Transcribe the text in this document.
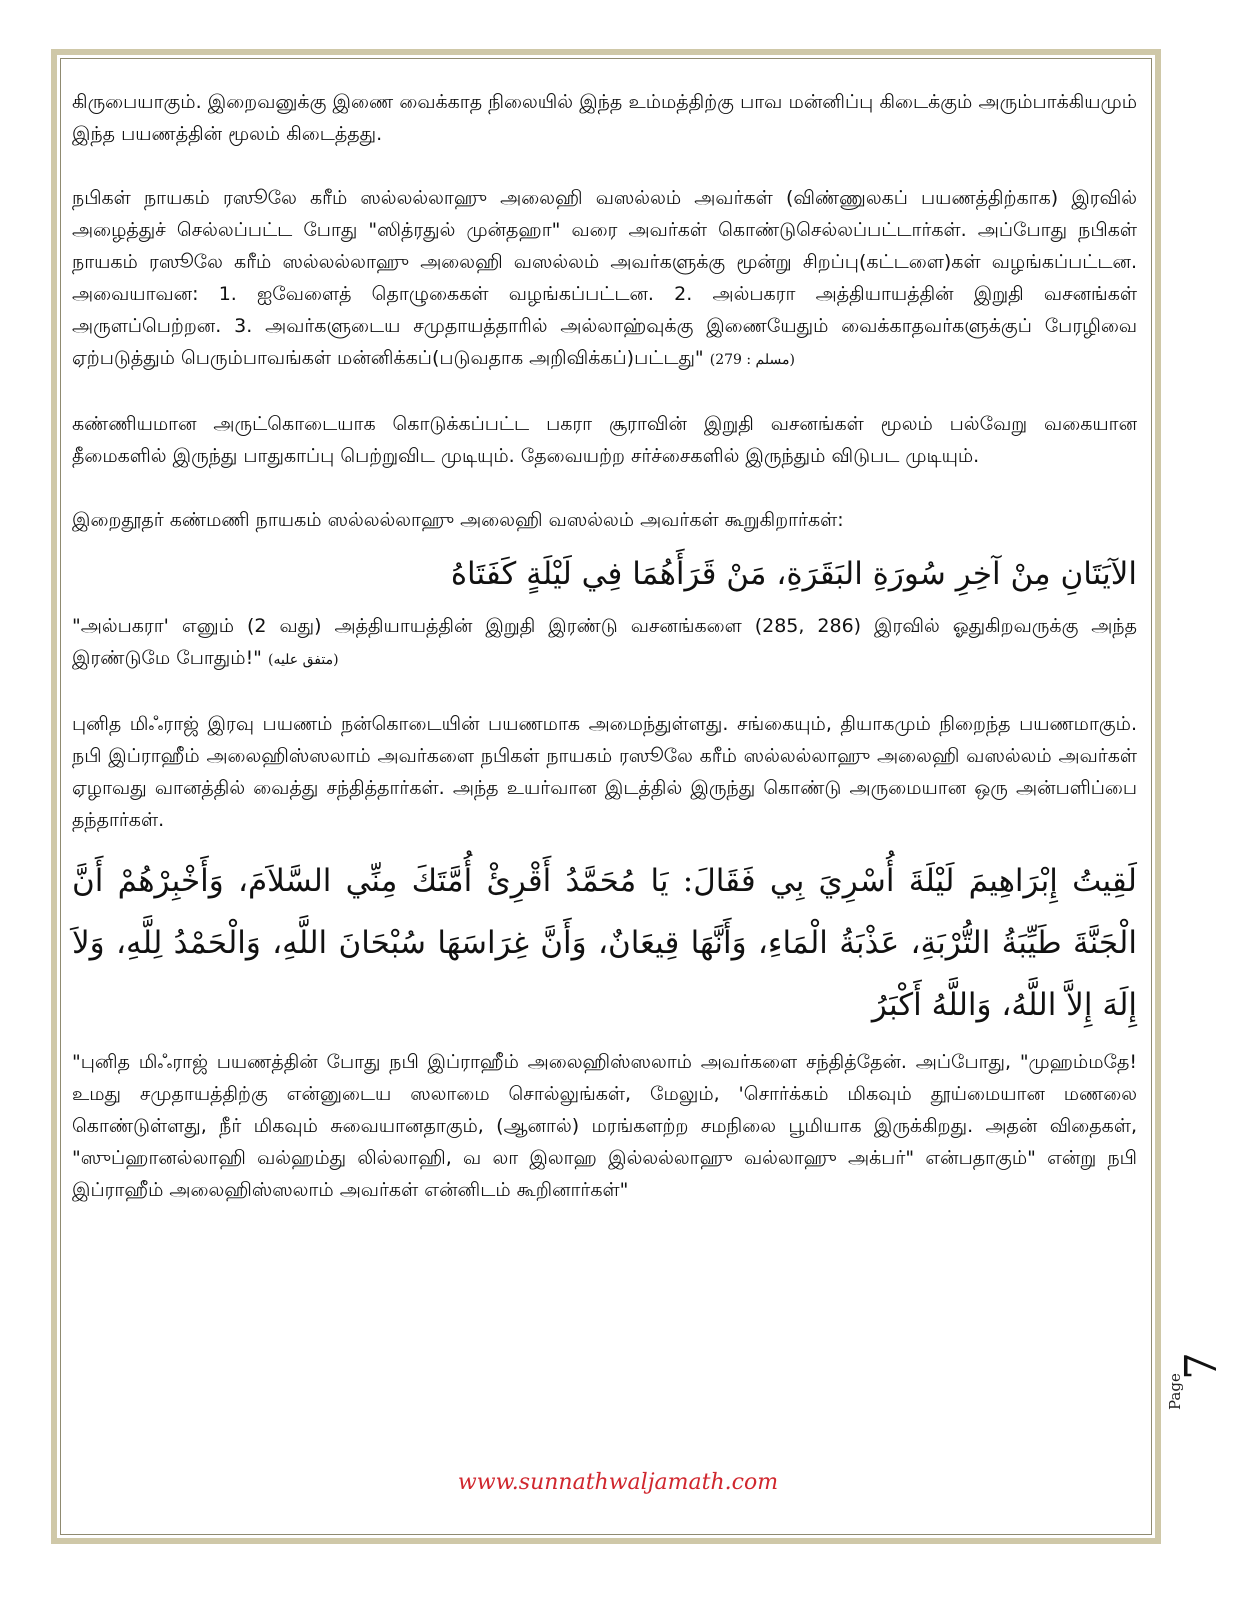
கிருபையாகும். இறைவனுக்கு இணை வைக்காத நிலையில் இந்த உம்மத்திற்கு பாவ மன்னிப்பு கிடைக்கும் அரும்பாக்கியமும் இந்த பயணத்தின் மூலம் கிடைத்தது.

நபிகள் நாயகம் ரஸூலே கரீம் ஸல்லல்லாஹு அலைஹி வஸல்லம் அவர்கள் (விண்ணுலகப் பயணத்திற்காக) இரவில் அழைத்துச் செல்லப்பட்ட போது "ஸித்ரதுல் முன்தஹா" வரை அவர்கள் கொண்டுசெல்லப்பட்டார்கள். அப்போது நபிகள் நாயகம் ரஸூலே கரீம் ஸல்லல்லாஹு அலைஹி வஸல்லம் அவர்களுக்கு மூன்று சிறப்பு(கட்டளை)கள் வழங்கப்பட்டன. அவையாவன: 1. ஐவேளைத் தொழுகைகள் வழங்கப்பட்டன. 2. அல்பகரா அத்தியாயத்தின் இறுதி வசனங்கள் அருளப்பெற்றன. 3. அவர்களுடைய சமுதாயத்தாரில் அல்லாஹ்வுக்கு இணையேதும் வைக்காதவர்களுக்குப் பேரழிவை ஏற்படுத்தும் பெரும்பாவங்கள் மன்னிக்கப்(படுவதாக அறிவிக்கப்)பட்டது" (مسلم : 279)

கண்ணியமான அருட்கொடையாக கொடுக்கப்பட்ட பகரா சூராவின் இறுதி வசனங்கள் மூலம் பல்வேறு வகையான தீமைகளில் இருந்து பாதுகாப்பு பெற்றுவிட முடியும். தேவையற்ற சர்ச்சைகளில் இருந்தும் விடுபட முடியும்.

இறைதூதர் கண்மணி நாயகம் ஸல்லல்லாஹு அலைஹி வஸல்லம் அவர்கள் கூறுகிறார்கள்:

الآيَتَانِ مِنْ آخِرِ سُورَةِ البَقَرَةِ، مَنْ قَرَأَهُمَا فِي لَيْلَةٍ كَفَتَاهُ

"அல்பகரா' எனும் (2 வது) அத்தியாயத்தின் இறுதி இரண்டு வசனங்களை (285, 286) இரவில் ஓதுகிறவருக்கு அந்த இரண்டுமே போதும்!" (متفق عليه)

புனித மிஃராஜ் இரவு பயணம் நன்கொடையின் பயணமாக அமைந்துள்ளது. சங்கையும், தியாகமும் நிறைந்த பயணமாகும். நபி இப்ராஹீம் அலைஹிஸ்ஸலாம் அவர்களை நபிகள் நாயகம் ரஸூலே கரீம் ஸல்லல்லாஹு அலைஹி வஸல்லம் அவர்கள் ஏழாவது வானத்தில் வைத்து சந்தித்தார்கள். அந்த உயர்வான இடத்தில் இருந்து கொண்டு அருமையான ஒரு அன்பளிப்பை தந்தார்கள்.

لَقِيتُ إِبْرَاهِيمَ لَيْلَةَ أُسْرِيَ بِي فَقَالَ: يَا مُحَمَّدُ أَقْرِئْ أُمَّتَكَ مِنِّي السَّلاَمَ، وَأَخْبِرْهُمْ أَنَّ الْجَنَّةَ طَيِّبَةُ التُّرْبَةِ، عَذْبَةُ الْمَاءِ، وَأَنَّهَا قِيعَانٌ، وَأَنَّ غِرَاسَهَا سُبْحَانَ اللَّهِ، وَالْحَمْدُ لِلَّهِ، وَلاَ إِلَهَ إِلاَّ اللَّهُ، وَاللَّهُ أَكْبَرُ

"புனித மிஃராஜ் பயணத்தின் போது நபி இப்ராஹீம் அலைஹிஸ்ஸலாம் அவர்களை சந்தித்தேன். அப்போது, "முஹம்மதே! உமது சமுதாயத்திற்கு என்னுடைய ஸலாமை சொல்லுங்கள், மேலும், 'சொர்க்கம் மிகவும் தூய்மையான மணலை கொண்டுள்ளது, நீர் மிகவும் சுவையானதாகும், (ஆனால்) மரங்களற்ற சமநிலை பூமியாக இருக்கிறது. அதன் விதைகள், "ஸுப்ஹானல்லாஹி வல்ஹம்து லில்லாஹி, வ லா இலாஹ இல்லல்லாஹு வல்லாஹு அக்பர்" என்பதாகும்" என்று நபி இப்ராஹீம் அலைஹிஸ்ஸலாம் அவர்கள் என்னிடம் கூறினார்கள்"

7
Page
www.sunnathwaljamath.com
